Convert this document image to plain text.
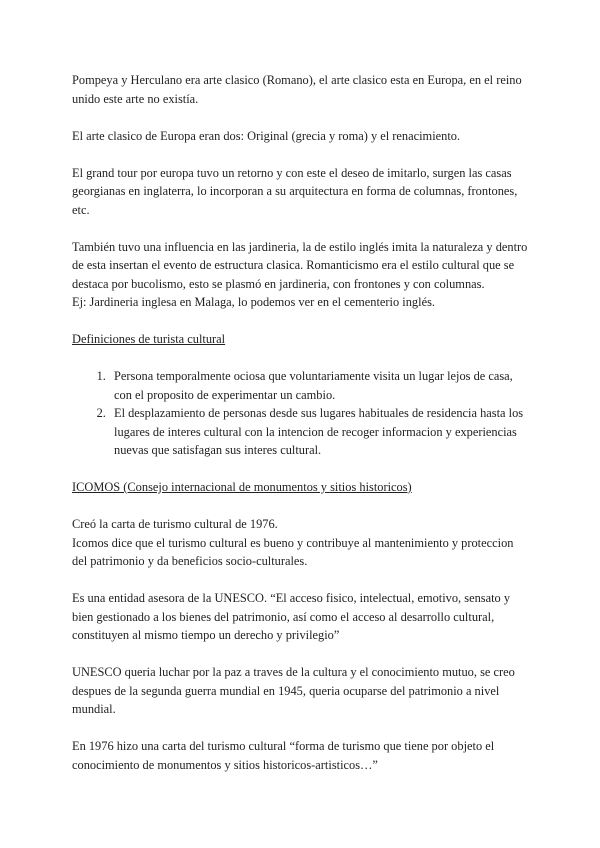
Pompeya y Herculano era arte clasico (Romano), el arte clasico esta en Europa, en el reino unido este arte no existía.

El arte clasico de Europa eran dos: Original (grecia y roma) y el renacimiento.

El grand tour por europa tuvo un retorno y con este el deseo de imitarlo, surgen las casas georgianas en inglaterra, lo incorporan a su arquitectura en forma de columnas, frontones, etc.

También tuvo una influencia en las jardineria, la de estilo inglés imita la naturaleza y dentro de esta insertan el evento de estructura clasica. Romanticismo era el estilo cultural que se destaca por bucolismo, esto se plasmó en jardineria, con frontones y con columnas.

Ej: Jardineria inglesa en Malaga, lo podemos ver en el cementerio inglés.

Definiciones de turista cultural

1. Persona temporalmente ociosa que voluntariamente visita un lugar lejos de casa, con el proposito de experimentar un cambio.
2. El desplazamiento de personas desde sus lugares habituales de residencia hasta los lugares de interes cultural con la intencion de recoger informacion y experiencias nuevas que satisfagan sus interes cultural.

ICOMOS (Consejo internacional de monumentos y sitios historicos)

Creó la carta de turismo cultural de 1976.

Icomos dice que el turismo cultural es bueno y contribuye al mantenimiento y proteccion del patrimonio y da beneficios socio-culturales.

Es una entidad asesora de la UNESCO. “El acceso fisico, intelectual, emotivo, sensato y bien gestionado a los bienes del patrimonio, así como el acceso al desarrollo cultural, constituyen al mismo tiempo un derecho y privilegio”

UNESCO queria luchar por la paz a traves de la cultura y el conocimiento mutuo, se creo despues de la segunda guerra mundial en 1945, queria ocuparse del patrimonio a nivel mundial.

En 1976 hizo una carta del turismo cultural “forma de turismo que tiene por objeto el conocimiento de monumentos y sitios historicos-artisticos…”
